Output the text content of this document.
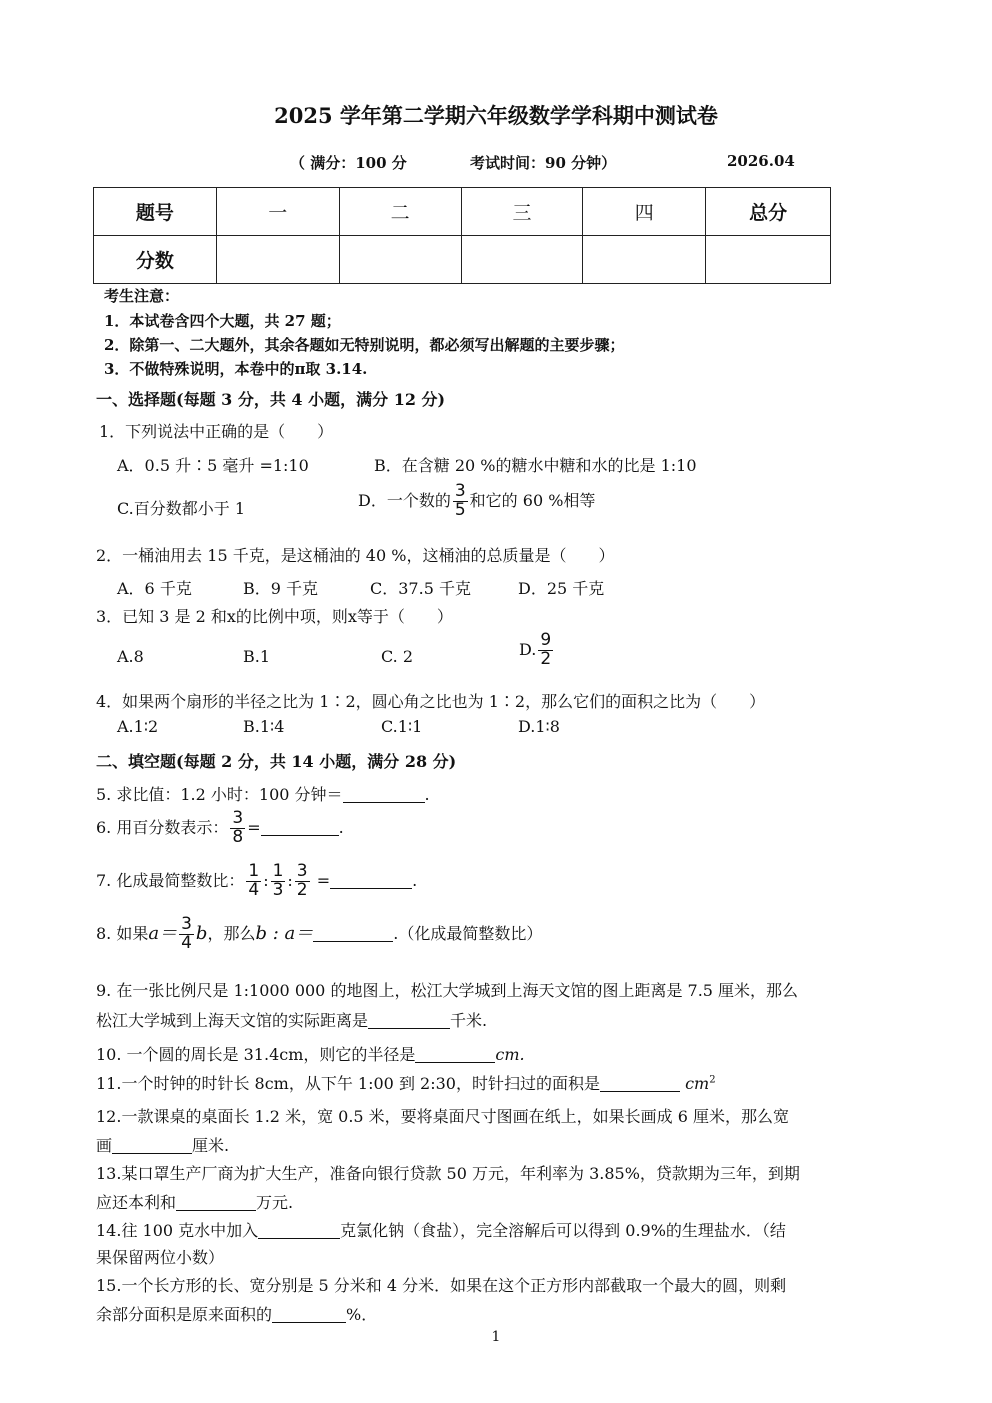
2025 学年第二学期六年级数学学科期中测试卷
（ 满分：100 分	考试时间：90 分钟）	2026.04
题号	一	二	三	四	总分
分数					
考生注意：
1．本试卷含四个大题，共 27 题；
2．除第一、二大题外，其余各题如无特别说明，都必须写出解题的主要步骤；
3．不做特殊说明，本卷中的π取 3.14.
一、选择题(每题 3 分，共 4 小题，满分 12 分)
1．下列说法中正确的是（　　）
A．0.5 升∶5 毫升 =1:10	B．在含糖 20 %的糖水中糖和水的比是 1:10
C.百分数都小于 1	D．一个数的 $\frac{3}{5}$ 和它的 60 %相等
2．一桶油用去 15 千克，是这桶油的 40 %，这桶油的总质量是（　　）
A．6 千克	B．9 千克	C．37.5 千克	D．25 千克
3．已知 3 是 2 和x的比例中项，则x等于（　　）
A.8	B.1	C. 2	D. $\frac{9}{2}$
4．如果两个扇形的半径之比为 1∶2，圆心角之比也为 1∶2，那么它们的面积之比为（　　）
A.1∶2	B.1∶4	C.1∶1	D.1∶8
二、填空题(每题 2 分，共 14 小题，满分 28 分)
5. 求比值：1.2 小时：100 分钟＝	.
6. 用百分数表示： $\frac{3}{8}$ =	.
7. 化成最简整数比： $\frac{1}{4}$ : $\frac{1}{3}$ : $\frac{3}{2}$ =	.
8. 如果$a= \frac{3}{4}$ b，那么b : a＝	.（化成最简整数比）
9. 在一张比例尺是 1:1000 000 的地图上，松江大学城到上海天文馆的图上距离是 7.5 厘米，那么
松江大学城到上海天文馆的实际距离是	千米.
10. 一个圆的周长是 31.4cm，则它的半径是	cm.
11.一个时钟的时针长 8cm，从下午 1:00 到 2:30，时针扫过的面积是	$cm^2$
12.一款课桌的桌面长 1.2 米，宽 0.5 米，要将桌面尺寸图画在纸上，如果长画成 6 厘米，那么宽
画	厘米.
13.某口罩生产厂商为扩大生产，准备向银行贷款 50 万元，年利率为 3.85%，贷款期为三年，到期
应还本利和	万元.
14.往 100 克水中加入	克氯化钠（食盐），完全溶解后可以得到 0.9%的生理盐水．（结
果保留两位小数）
15.一个长方形的长、宽分别是 5 分米和 4 分米．如果在这个正方形内部截取一个最大的圆，则剩
余部分面积是原来面积的	%．
1
